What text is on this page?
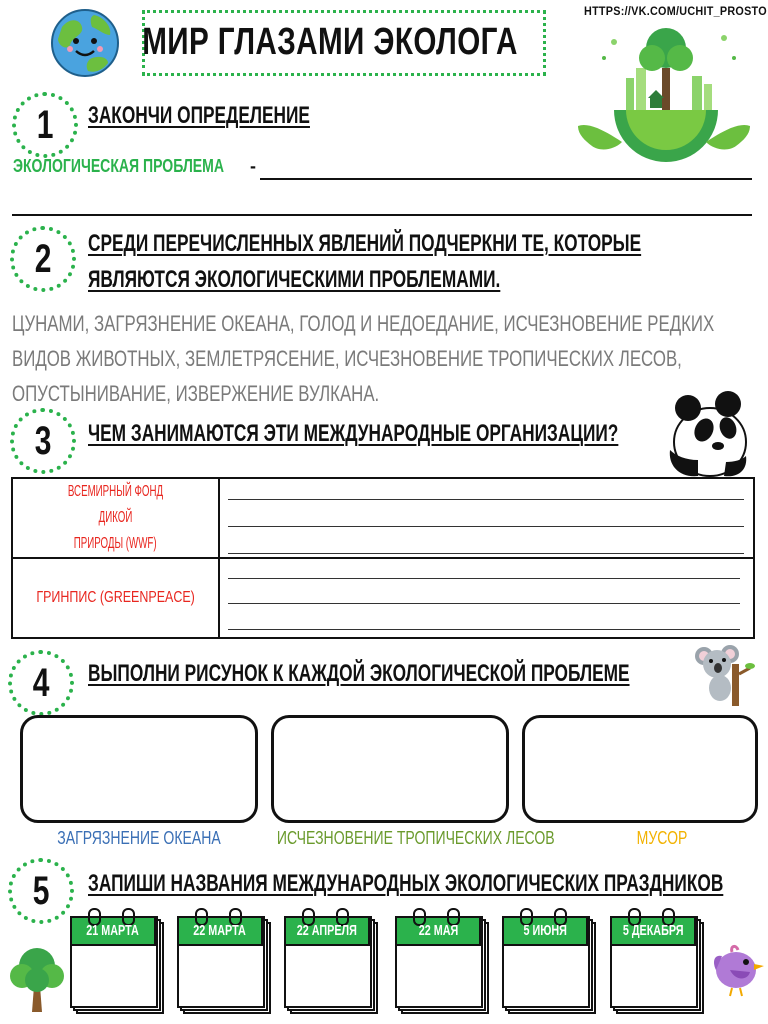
МИР ГЛАЗАМИ ЭКОЛОГА
HTTPS://VK.COM/UCHIT_PROSTO
1 ЗАКОНЧИ ОПРЕДЕЛЕНИЕ
ЭКОЛОГИЧЕСКАЯ ПРОБЛЕМА -
2 СРЕДИ ПЕРЕЧИСЛЕННЫХ ЯВЛЕНИЙ ПОДЧЕРКНИ ТЕ, КОТОРЫЕ
ЯВЛЯЮТСЯ ЭКОЛОГИЧЕСКИМИ ПРОБЛЕМАМИ.
ЦУНАМИ, ЗАГРЯЗНЕНИЕ ОКЕАНА, ГОЛОД И НЕДОЕДАНИЕ, ИСЧЕЗНОВЕНИЕ РЕДКИХ ВИДОВ ЖИВОТНЫХ, ЗЕМЛЕТРЯСЕНИЕ, ИСЧЕЗНОВЕНИЕ ТРОПИЧЕСКИХ ЛЕСОВ, ОПУСТЫНИВАНИЕ, ИЗВЕРЖЕНИЕ ВУЛКАНА.
3 ЧЕМ ЗАНИМАЮТСЯ ЭТИ МЕЖДУНАРОДНЫЕ ОРГАНИЗАЦИИ?
ВСЕМИРНЫЙ ФОНД ДИКОЙ
ПРИРОДЫ (WWF)
ГРИНПИС (GREENPEACE)
4 ВЫПОЛНИ РИСУНОК К КАЖДОЙ ЭКОЛОГИЧЕСКОЙ ПРОБЛЕМЕ
ЗАГРЯЗНЕНИЕ ОКЕАНА	ИСЧЕЗНОВЕНИЕ ТРОПИЧЕСКИХ ЛЕСОВ	МУСОР
5 ЗАПИШИ НАЗВАНИЯ МЕЖДУНАРОДНЫХ ЭКОЛОГИЧЕСКИХ ПРАЗДНИКОВ
21 МАРТА	22 МАРТА	22 АПРЕЛЯ	22 МАЯ	5 ИЮНЯ	5 ДЕКАБРЯ
